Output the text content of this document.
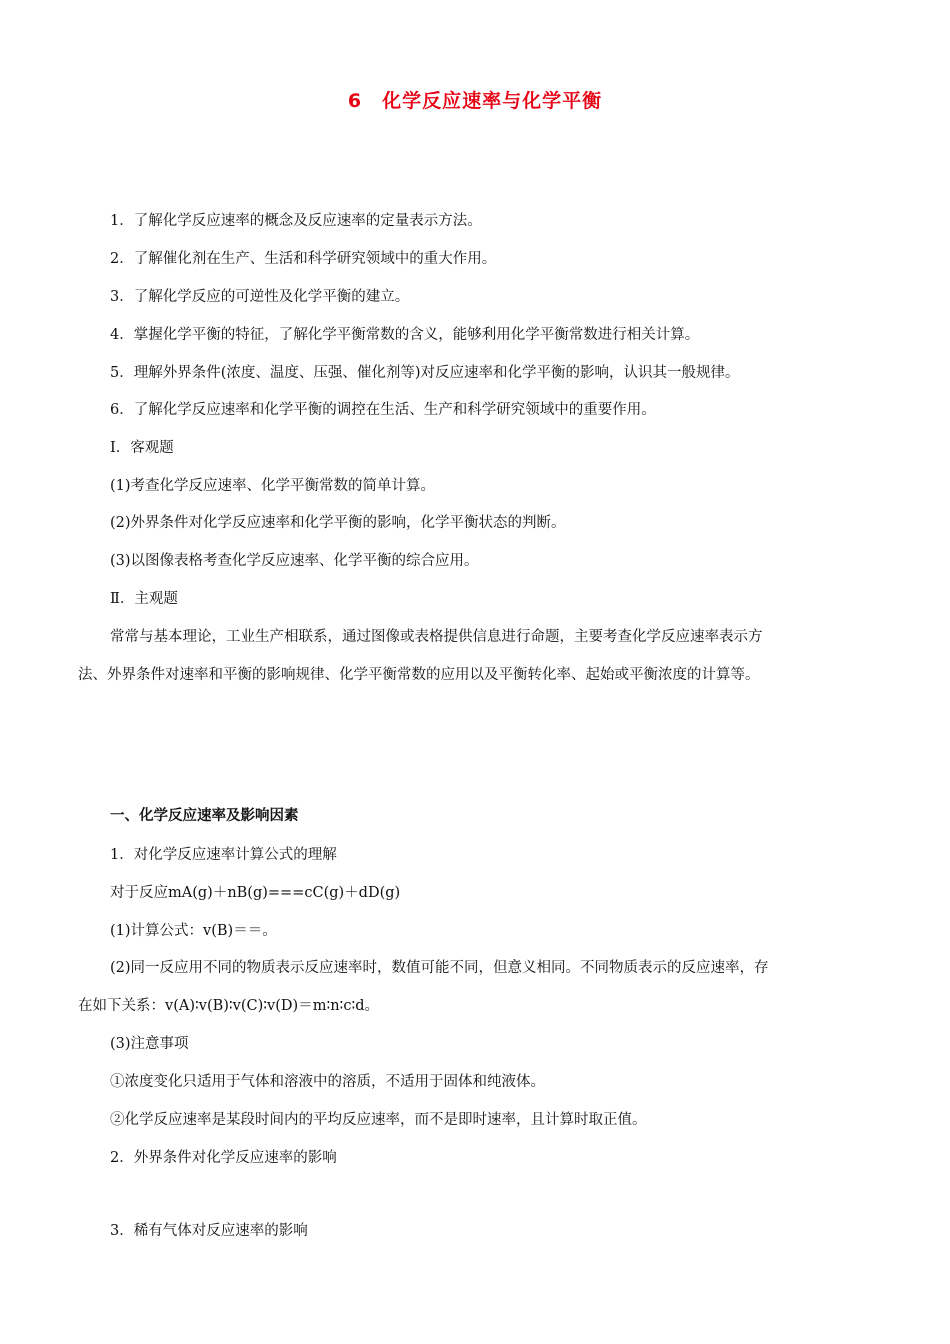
6　化学反应速率与化学平衡
1．了解化学反应速率的概念及反应速率的定量表示方法。
2．了解催化剂在生产、生活和科学研究领域中的重大作用。
3．了解化学反应的可逆性及化学平衡的建立。
4．掌握化学平衡的特征，了解化学平衡常数的含义，能够利用化学平衡常数进行相关计算。
5．理解外界条件(浓度、温度、压强、催化剂等)对反应速率和化学平衡的影响，认识其一般规律。
6．了解化学反应速率和化学平衡的调控在生活、生产和科学研究领域中的重要作用。
Ⅰ．客观题
(1)考查化学反应速率、化学平衡常数的简单计算。
(2)外界条件对化学反应速率和化学平衡的影响，化学平衡状态的判断。
(3)以图像表格考查化学反应速率、化学平衡的综合应用。
Ⅱ．主观题
常常与基本理论，工业生产相联系，通过图像或表格提供信息进行命题，主要考查化学反应速率表示方
法、外界条件对速率和平衡的影响规律、化学平衡常数的应用以及平衡转化率、起始或平衡浓度的计算等。
一、化学反应速率及影响因素
1．对化学反应速率计算公式的理解
对于反应mA(g)＋nB(g)===cC(g)＋dD(g)
(1)计算公式：v(B)＝＝。
(2)同一反应用不同的物质表示反应速率时，数值可能不同，但意义相同。不同物质表示的反应速率，存
在如下关系：v(A)∶v(B)∶v(C)∶v(D)＝m∶n∶c∶d。
(3)注意事项
①浓度变化只适用于气体和溶液中的溶质，不适用于固体和纯液体。
②化学反应速率是某段时间内的平均反应速率，而不是即时速率，且计算时取正值。
2．外界条件对化学反应速率的影响
3．稀有气体对反应速率的影响
